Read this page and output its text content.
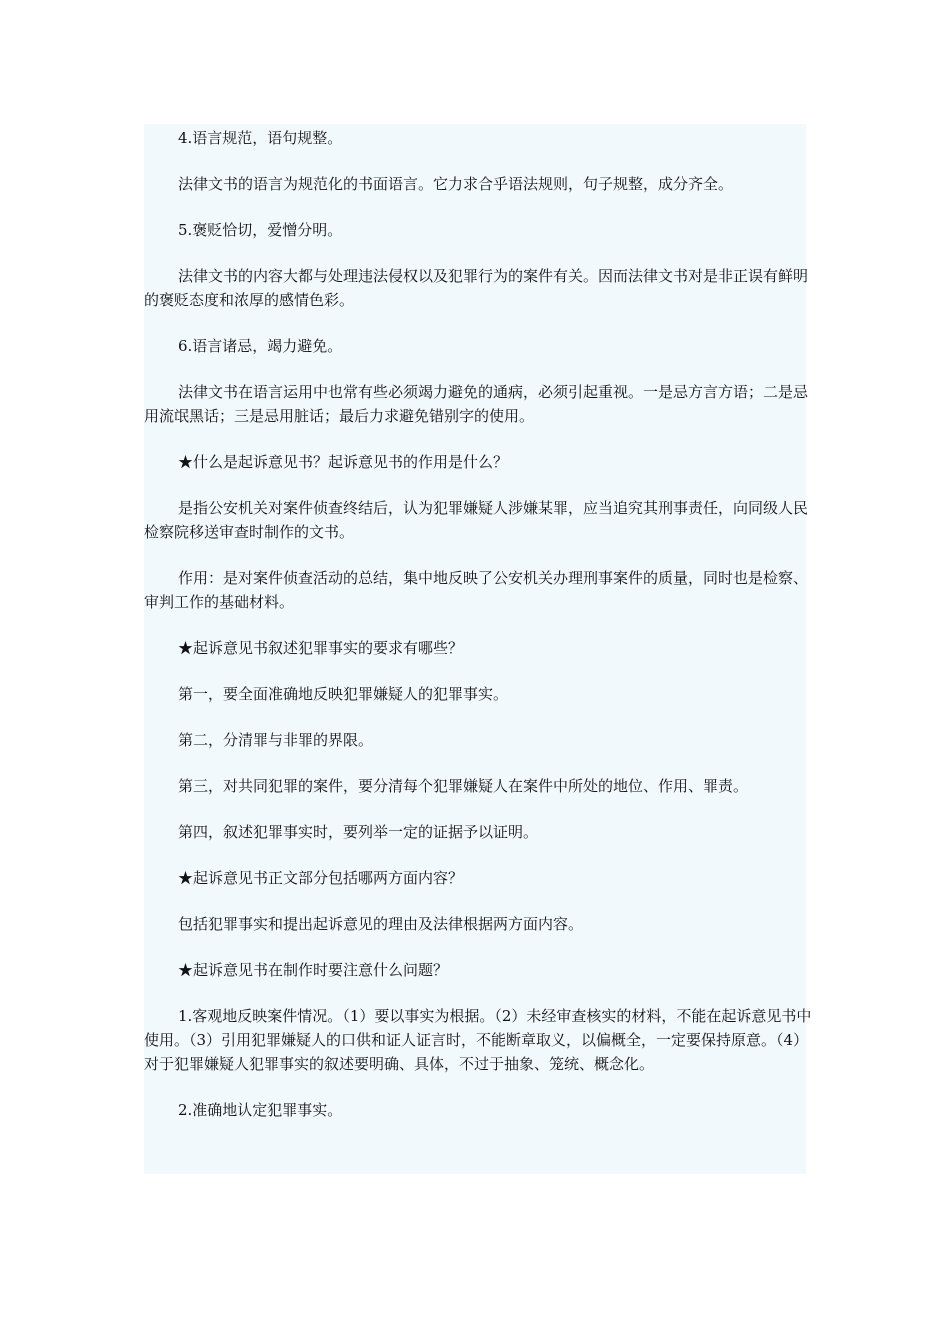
4.语言规范，语句规整。

法律文书的语言为规范化的书面语言。它力求合乎语法规则，句子规整，成分齐全。

5.褒贬恰切，爱憎分明。

法律文书的内容大都与处理违法侵权以及犯罪行为的案件有关。因而法律文书对是非正误有鲜明的褒贬态度和浓厚的感情色彩。

6.语言诸忌，竭力避免。

法律文书在语言运用中也常有些必须竭力避免的通病，必须引起重视。一是忌方言方语；二是忌用流氓黑话；三是忌用脏话；最后力求避免错别字的使用。

★什么是起诉意见书？起诉意见书的作用是什么？

是指公安机关对案件侦查终结后，认为犯罪嫌疑人涉嫌某罪，应当追究其刑事责任，向同级人民检察院移送审查时制作的文书。

作用：是对案件侦查活动的总结，集中地反映了公安机关办理刑事案件的质量，同时也是检察、审判工作的基础材料。

★起诉意见书叙述犯罪事实的要求有哪些？

第一，要全面准确地反映犯罪嫌疑人的犯罪事实。

第二，分清罪与非罪的界限。

第三，对共同犯罪的案件，要分清每个犯罪嫌疑人在案件中所处的地位、作用、罪责。

第四，叙述犯罪事实时，要列举一定的证据予以证明。

★起诉意见书正文部分包括哪两方面内容？

包括犯罪事实和提出起诉意见的理由及法律根据两方面内容。

★起诉意见书在制作时要注意什么问题？

1.客观地反映案件情况。（1）要以事实为根据。（2）未经审查核实的材料，不能在起诉意见书中使用。（3）引用犯罪嫌疑人的口供和证人证言时，不能断章取义，以偏概全，一定要保持原意。（4）对于犯罪嫌疑人犯罪事实的叙述要明确、具体，不过于抽象、笼统、概念化。

2.准确地认定犯罪事实。
